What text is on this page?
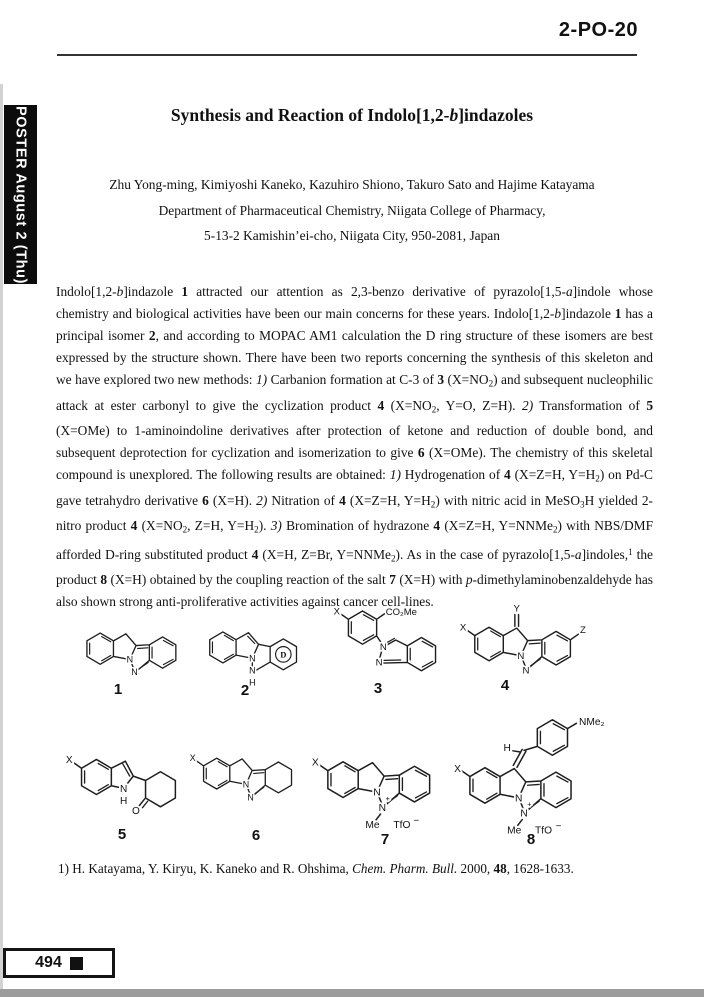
2-PO-20
POSTER August 2 (Thu)	Synthesis and Reaction of Indolo[1,2-b]indazoles
Zhu Yong-ming, Kimiyoshi Kaneko, Kazuhiro Shiono, Takuro Sato and Hajime Katayama
Department of Pharmaceutical Chemistry, Niigata College of Pharmacy,
5-13-2 Kamishin’ei-cho, Niigata City, 950-2081, Japan
Indolo[1,2-b]indazole 1 attracted our attention as 2,3-benzo derivative of pyrazolo[1,5-a]indole whose chemistry and biological activities have been our main concerns for these years. Indolo[1,2-b]indazole 1 has a principal isomer 2, and according to MOPAC AM1 calculation the D ring structure of these isomers are best expressed by the structure shown. There have been two reports concerning the synthesis of this skeleton and we have explored two new methods: 1) Carbanion formation at C-3 of 3 $(X=NO_2)$ and subsequent nucleophilic attack at ester carbonyl to give the cyclization product 4 ($X=NO_2$, Y=O, Z=H). 2) Transformation of 5 (X=OMe) to 1-aminoindoline derivatives after protection of ketone and reduction of double bond, and subsequent deprotection for cyclization and isomerization to give 6 (X=OMe). The chemistry of this skeletal compound is unexplored. The following results are obtained: 1) Hydrogenation of 4 (X=Z=H, $Y=H_2$) on Pd-C gave tetrahydro derivative 6 (X=H). 2) Nitration of 4 (X=Z=H, $Y=H_2$) with nitric acid in MeSO$_3$H yielded 2-nitro product 4 ($X=NO_2$, Z=H, $Y=H_2$). 3) Bromination of hydrazone 4 (X=Z=H, Y=NNMe$_2$) with NBS/DMF afforded D-ring substituted product 4 (X=H, Z=Br, Y=NNMe$_2$). As in the case of pyrazolo[1,5-a]indoles,$^1$ the product 8 (X=H) obtained by the coupling reaction of the salt 7 (X=H) with p-dimethylaminobenzaldehyde has also shown strong anti-proliferative activities against cancer cell-lines.
N
N
1
N
N
H
D
2
X	CO₂Me
N
N
3
X
Y
Z
N
N
4
X
N
H
O
5
X
N
N
6
X
N +
N
Me TfO −
7
X
H
NMe₂
N +
N
Me TfO −
8
1) H. Katayama, Y. Kiryu, K. Kaneko and R. Ohshima, Chem. Pharm. Bull. 2000, 48, 1628-1633.
494
